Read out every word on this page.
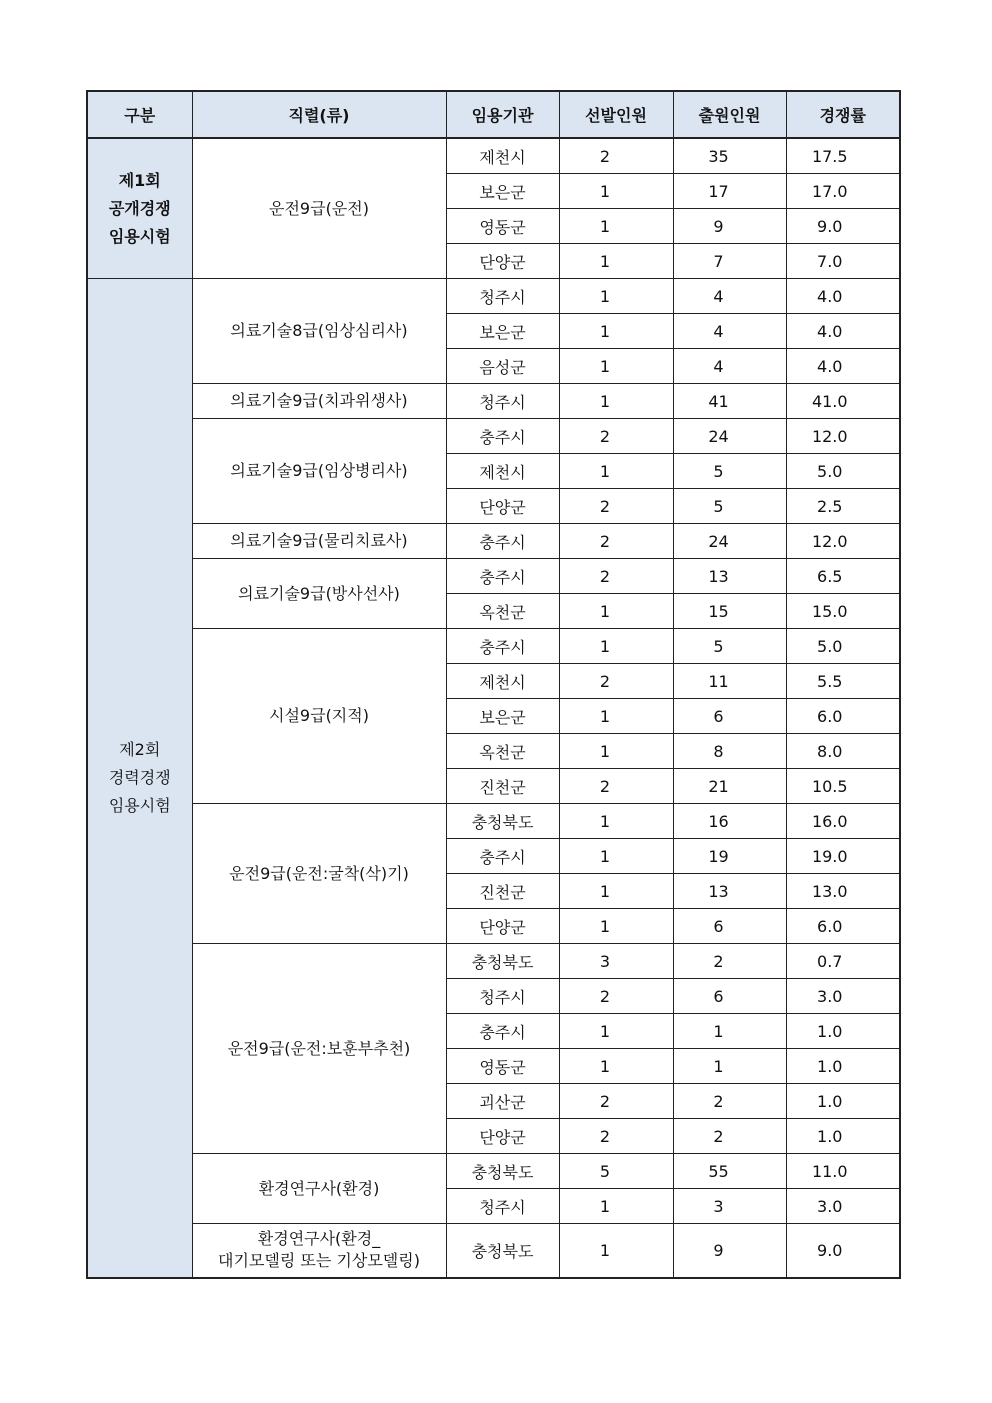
구분	직렬(류)	임용기관	선발인원	출원인원	경쟁률
제1회
공개경쟁
임용시험	운전9급(운전)	제천시	2	35	17.5
		보은군	1	17	17.0
		영동군	1	9	9.0
		단양군	1	7	7.0
제2회
경력경쟁
임용시험	의료기술8급(임상심리사)	청주시	1	4	4.0
		보은군	1	4	4.0
		음성군	1	4	4.0
	의료기술9급(치과위생사)	청주시	1	41	41.0
	의료기술9급(임상병리사)	충주시	2	24	12.0
		제천시	1	5	5.0
		단양군	2	5	2.5
	의료기술9급(물리치료사)	충주시	2	24	12.0
	의료기술9급(방사선사)	충주시	2	13	6.5
		옥천군	1	15	15.0
	시설9급(지적)	충주시	1	5	5.0
		제천시	2	11	5.5
		보은군	1	6	6.0
		옥천군	1	8	8.0
		진천군	2	21	10.5
	운전9급(운전:굴착(삭)기)	충청북도	1	16	16.0
		충주시	1	19	19.0
		진천군	1	13	13.0
		단양군	1	6	6.0
	운전9급(운전:보훈부추천)	충청북도	3	2	0.7
		청주시	2	6	3.0
		충주시	1	1	1.0
		영동군	1	1	1.0
		괴산군	2	2	1.0
		단양군	2	2	1.0
	환경연구사(환경)	충청북도	5	55	11.0
		청주시	1	3	3.0
	환경연구사(환경_
대기모델링 또는 기상모델링)	충청북도	1	9	9.0
